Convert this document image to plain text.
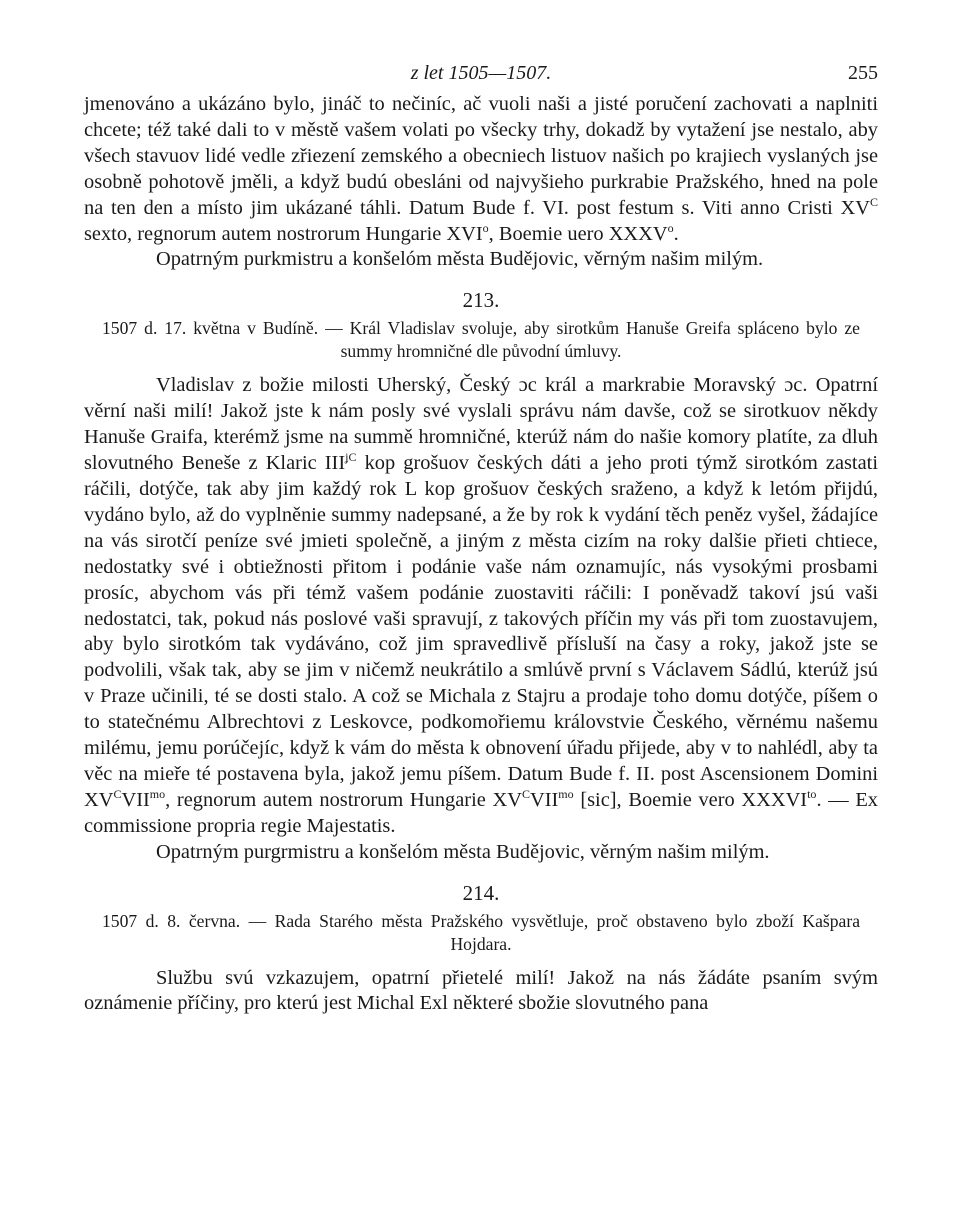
z let 1505—1507.	255

jmenováno a ukázáno bylo, jináč to nečiníc, ač vuoli naši a jisté poručení zachovati a naplniti chcete; též také dali to v městě vašem volati po všecky trhy, dokadž by vytažení jse nestalo, aby všech stavuov lidé vedle zřiezení zemského a obecniech listuov našich po krajiech vyslaných jse osobně pohotově jměli, a když budú obesláni od najvyšieho purkrabie Pražského, hned na pole na ten den a místo jim ukázané táhli. Datum Bude f. VI. post festum s. Viti anno Cristi $XV^C$ sexto, regnorum autem nostrorum Hungarie XVI$^o$, Boemie uero XXXV$^o$.

Opatrným purkmistru a konšelóm města Budějovic, věrným našim milým.

213.

1507 d. 17. května v Budíně. — Král Vladislav svoluje, aby sirotkům Hanuše Greifa spláceno bylo ze summy hromničné dle původní úmluvy.

Vladislav z božie milosti Uherský, Český ɔc král a markrabie Moravský ɔc. Opatrní věrní naši milí! Jakož jste k nám posly své vyslali správu nám davše, což se sirotkuov někdy Hanuše Graifa, kterémž jsme na summě hromničné, kterúž nám do našie komory platíte, za dluh slovutného Beneše z Klaric $III^{ʝC}$ kop grošuov českých dáti a jeho proti týmž sirotkóm zastati ráčili, dotýče, tak aby jim každý rok L kop grošuov českých sraženo, a když k letóm přijdú, vydáno bylo, až do vyplněnie summy nadepsané, a že by rok k vydání těch peněz vyšel, žádajíce na vás sirotčí peníze své jmieti společně, a jiným z města cizím na roky dalšie přieti chtiece, nedostatky své i obtiežnosti přitom i podánie vaše nám oznamujíc, nás vysokými prosbami prosíc, abychom vás při témž vašem podánie zuostaviti ráčili: I poněvadž takoví jsú vaši nedostatci, tak, pokud nás poslové vaši spravují, z takových příčin my vás při tom zuostavujem, aby bylo sirotkóm tak vydáváno, což jim spravedlivě přísluší na časy a roky, jakož jste se podvolili, však tak, aby se jim v ničemž neukrátilo a smlúvě první s Václavem Sádlú, kterúž jsú v Praze učinili, té se dosti stalo. A což se Michala z Stajru a prodaje toho domu dotýče, píšem o to statečnému Albrechtovi z Leskovce, podkomořiemu královstvie Českého, věrnému našemu milému, jemu porúčejíc, když k vám do města k obnovení úřadu přijede, aby v to nahlédl, aby ta věc na mieře té postavena byla, jakož jemu píšem. Datum Bude f. II. post Ascensionem Domini $XV^CVII^{mo}$, regnorum autem nostrorum Hungarie $XV^CVII^{mo}$ [sic], Boemie vero $XXXVI^{to}$. — Ex commissione propria regie Majestatis.

Opatrným purgrmistru a konšelóm města Budějovic, věrným našim milým.

214.

1507 d. 8. června. — Rada Starého města Pražského vysvětluje, proč obstaveno bylo zboží Kašpara Hojdara.

Službu svú vzkazujem, opatrní přietelé milí! Jakož na nás žádáte psaním svým oznámenie příčiny, pro kterú jest Michal Exl některé sbožie slovutného pana
